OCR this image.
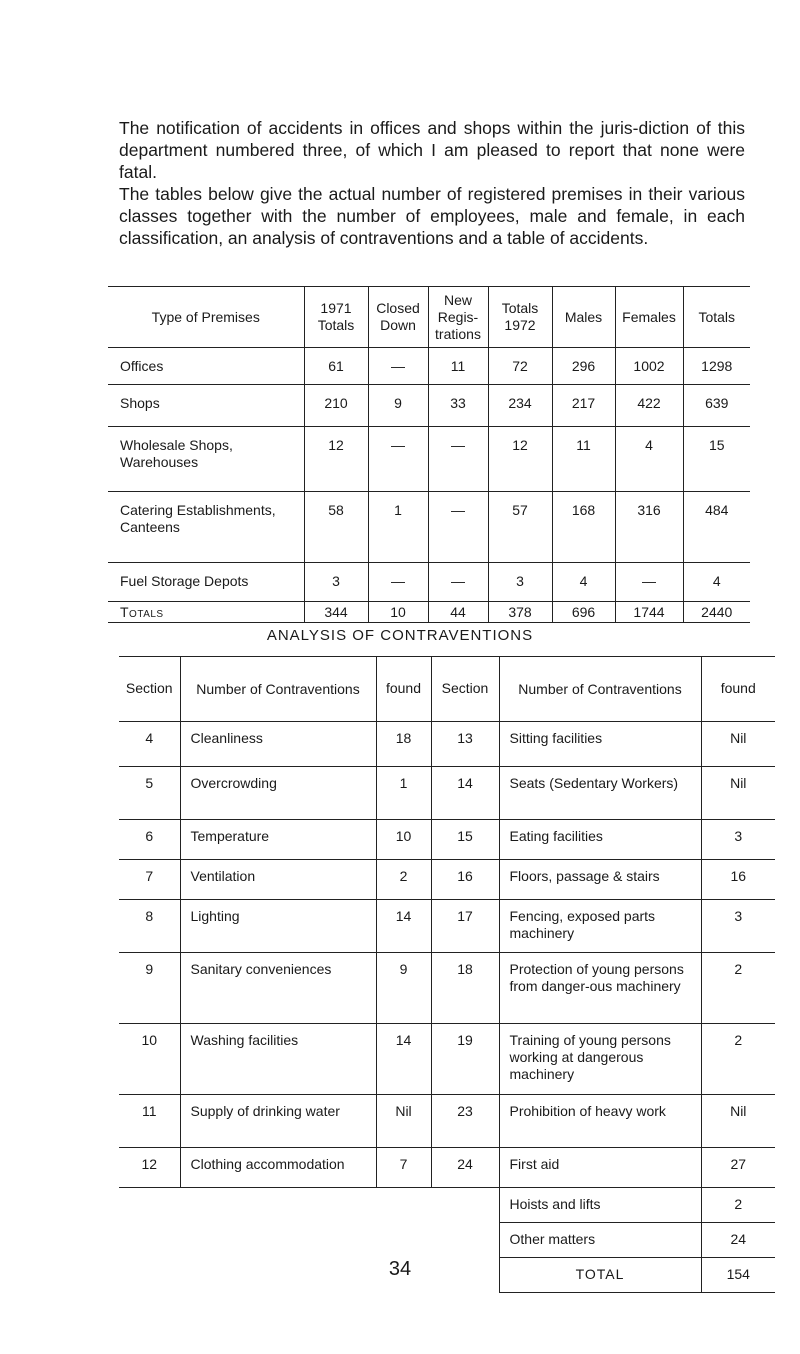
The notification of accidents in offices and shops within the juris-diction of this department numbered three, of which I am pleased to report that none were fatal.

The tables below give the actual number of registered premises in their various classes together with the number of employees, male and female, in each classification, an analysis of contraventions and a table of accidents.

Type of Premises	1971 Totals	Closed Down	New Regis-trations	Totals 1972	Males	Females	Totals
Offices	61	—	11	72	296	1002	1298
Shops	210	9	33	234	217	422	639
Wholesale Shops, Warehouses	12	—	—	12	11	4	15
Catering Establishments, Canteens	58	1	—	57	168	316	484
Fuel Storage Depots	3	—	—	3	4	—	4
Totals	344	10	44	378	696	1744	2440
ANALYSIS OF CONTRAVENTIONS
Section	Number of Contraventions	found	Section	Number of Contraventions	found
4	Cleanliness	18	13	Sitting facilities	Nil
5	Overcrowding	1	14	Seats (Sedentary Workers)	Nil
6	Temperature	10	15	Eating facilities	3
7	Ventilation	2	16	Floors, passage & stairs	16
8	Lighting	14	17	Fencing, exposed parts machinery	3
9	Sanitary conveniences	9	18	Protection of young persons from danger-ous machinery	2
10	Washing facilities	14	19	Training of young persons working at dangerous machinery	2
11	Supply of drinking water	Nil	23	Prohibition of heavy work	Nil
12	Clothing accommodation	7	24	First aid	27
				Hoists and lifts	2
				Other matters	24
				TOTAL	154

34
